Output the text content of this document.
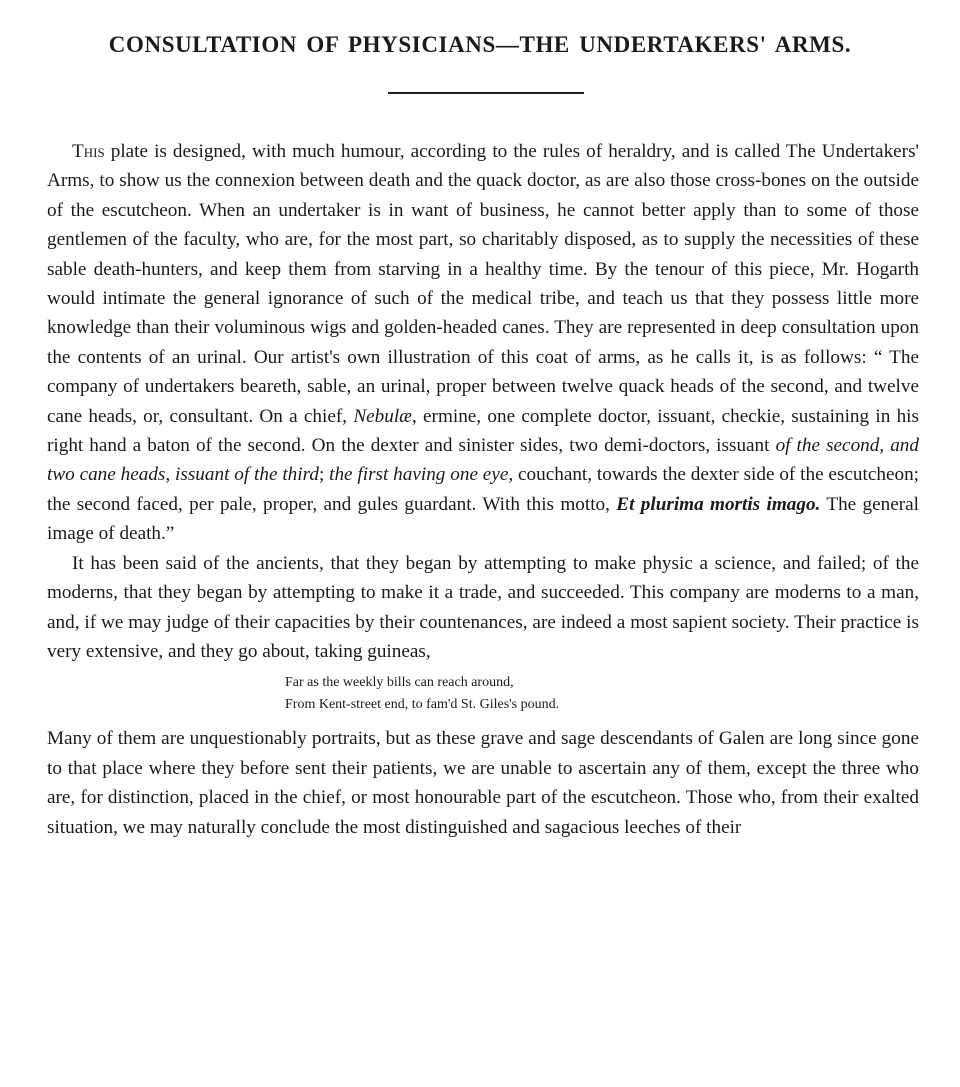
CONSULTATION OF PHYSICIANS—THE UNDERTAKERS' ARMS.

This plate is designed, with much humour, according to the rules of heraldry, and is called The Undertakers' Arms, to show us the connexion between death and the quack doctor, as are also those cross-bones on the outside of the escutcheon. When an undertaker is in want of business, he cannot better apply than to some of those gentlemen of the faculty, who are, for the most part, so charitably disposed, as to supply the necessities of these sable death-hunters, and keep them from starving in a healthy time. By the tenour of this piece, Mr. Hogarth would intimate the general ignorance of such of the medical tribe, and teach us that they possess little more knowledge than their voluminous wigs and golden-headed canes. They are represented in deep consultation upon the contents of an urinal. Our artist's own illustration of this coat of arms, as he calls it, is as follows: “ The company of undertakers beareth, sable, an urinal, proper between twelve quack heads of the second, and twelve cane heads, or, consultant. On a chief, Nebulæ, ermine, one complete doctor, issuant, checkie, sustaining in his right hand a baton of the second. On the dexter and sinister sides, two demi-doctors, issuant of the second, and two cane heads, issuant of the third; the first having one eye, couchant, towards the dexter side of the escutcheon; the second faced, per pale, proper, and gules guardant. With this motto, Et plurima mortis imago. The general image of death.”

It has been said of the ancients, that they began by attempting to make physic a science, and failed; of the moderns, that they began by attempting to make it a trade, and succeeded. This company are moderns to a man, and, if we may judge of their capacities by their countenances, are indeed a most sapient society. Their practice is very extensive, and they go about, taking guineas,

Far as the weekly bills can reach around,
From Kent-street end, to fam'd St. Giles's pound.

Many of them are unquestionably portraits, but as these grave and sage descendants of Galen are long since gone to that place where they before sent their patients, we are unable to ascertain any of them, except the three who are, for distinction, placed in the chief, or most honourable part of the escutcheon. Those who, from their exalted situation, we may naturally conclude the most distinguished and sagacious leeches of their
